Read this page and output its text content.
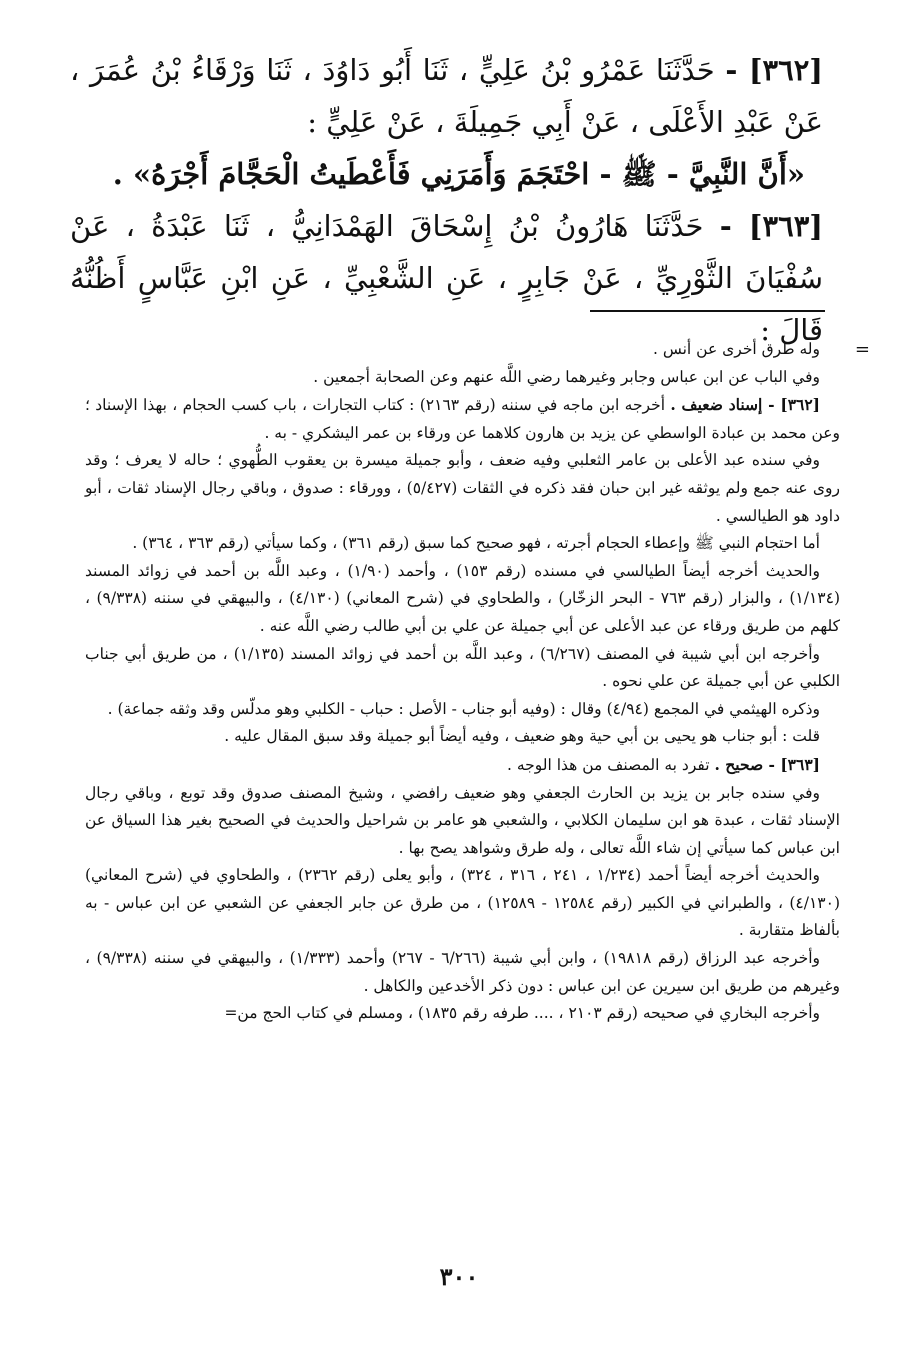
[٣٦٢] - حَدَّثَنَا عَمْرُو بْنُ عَلِيٍّ ، ثَنَا أَبُو دَاوُدَ ، ثَنَا وَرْقَاءُ بْنُ عُمَرَ ، عَنْ عَبْدِ الأَعْلَى ، عَنْ أَبِي جَمِيلَةَ ، عَنْ عَلِيٍّ :

«أَنَّ النَّبِيَّ - ﷺ - احْتَجَمَ وَأَمَرَنِي فَأَعْطَيتُ الْحَجَّامَ أَجْرَهُ» .

[٣٦٣] - حَدَّثَنَا هَارُونُ بْنُ إِسْحَاقَ الهَمْدَانِيُّ ، ثَنَا عَبْدَةُ ، عَنْ سُفْيَانَ الثَّوْرِيِّ ، عَنْ جَابِرٍ ، عَنِ الشَّعْبِيِّ ، عَنِ ابْنِ عَبَّاسٍ أَظُنُّهُ قَالَ :

=

وله طرق أخرى عن أنس .

وفي الباب عن ابن عباس وجابر وغيرهما رضي اللَّه عنهم وعن الصحابة أجمعين .

[٣٦٢] - إسناد ضعيف . أخرجه ابن ماجه في سننه (رقم ٢١٦٣) : كتاب التجارات ، باب كسب الحجام ، بهذا الإسناد ؛ وعن محمد بن عبادة الواسطي عن يزيد بن هارون كلاهما عن ورقاء بن عمر اليشكري - به .

وفي سنده عبد الأعلى بن عامر الثعلبي وفيه ضعف ، وأبو جميلة ميسرة بن يعقوب الطُّهوي ؛ حاله لا يعرف ؛ وقد روى عنه جمع ولم يوثقه غير ابن حبان فقد ذكره في الثقات (٥/٤٢٧) ، وورقاء : صدوق ، وباقي رجال الإسناد ثقات ، أبو داود هو الطيالسي .

أما احتجام النبي ﷺ وإعطاء الحجام أجرته ، فهو صحيح كما سبق (رقم ٣٦١) ، وكما سيأتي (رقم ٣٦٣ ، ٣٦٤) .

والحديث أخرجه أيضاً الطيالسي في مسنده (رقم ١٥٣) ، وأحمد (١/٩٠) ، وعبد اللَّه بن أحمد في زوائد المسند (١/١٣٤) ، والبزار (رقم ٧٦٣ - البحر الزخّار) ، والطحاوي في (شرح المعاني) (٤/١٣٠) ، والبيهقي في سننه (٩/٣٣٨) ، كلهم من طريق ورقاء عن عبد الأعلى عن أبي جميلة عن علي بن أبي طالب رضي اللَّه عنه .

وأخرجه ابن أبي شيبة في المصنف (٦/٢٦٧) ، وعبد اللَّه بن أحمد في زوائد المسند (١/١٣٥) ، من طريق أبي جناب الكلبي عن أبي جميلة عن علي نحوه .

وذكره الهيثمي في المجمع (٤/٩٤) وقال : (وفيه أبو جناب - الأصل : حباب - الكلبي وهو مدلّس وقد وثقه جماعة) .

قلت : أبو جناب هو يحيى بن أبي حية وهو ضعيف ، وفيه أيضاً أبو جميلة وقد سبق المقال عليه .

[٣٦٣] - صحيح . تفرد به المصنف من هذا الوجه .

وفي سنده جابر بن يزيد بن الحارث الجعفي وهو ضعيف رافضي ، وشيخ المصنف صدوق وقد توبع ، وباقي رجال الإسناد ثقات ، عبدة هو ابن سليمان الكلابي ، والشعبي هو عامر بن شراحيل والحديث في الصحيح بغير هذا السياق عن ابن عباس كما سيأتي إن شاء اللَّه تعالى ، وله طرق وشواهد يصح بها .

والحديث أخرجه أيضاً أحمد (١/٢٣٤ ، ٢٤١ ، ٣١٦ ، ٣٢٤) ، وأبو يعلى (رقم ٢٣٦٢) ، والطحاوي في (شرح المعاني) (٤/١٣٠) ، والطبراني في الكبير (رقم ١٢٥٨٤ - ١٢٥٨٩) ، من طرق عن جابر الجعفي عن الشعبي عن ابن عباس - به بألفاظ متقاربة .

وأخرجه عبد الرزاق (رقم ١٩٨١٨) ، وابن أبي شيبة (٦/٢٦٦ - ٢٦٧) وأحمد (١/٣٣٣) ، والبيهقي في سننه (٩/٣٣٨) ، وغيرهم من طريق ابن سيرين عن ابن عباس : دون ذكر الأخدعين والكاهل .

وأخرجه البخاري في صحيحه (رقم ٢١٠٣ ، .... طرفه رقم ١٨٣٥) ، ومسلم في كتاب الحج من=

٣٠٠
